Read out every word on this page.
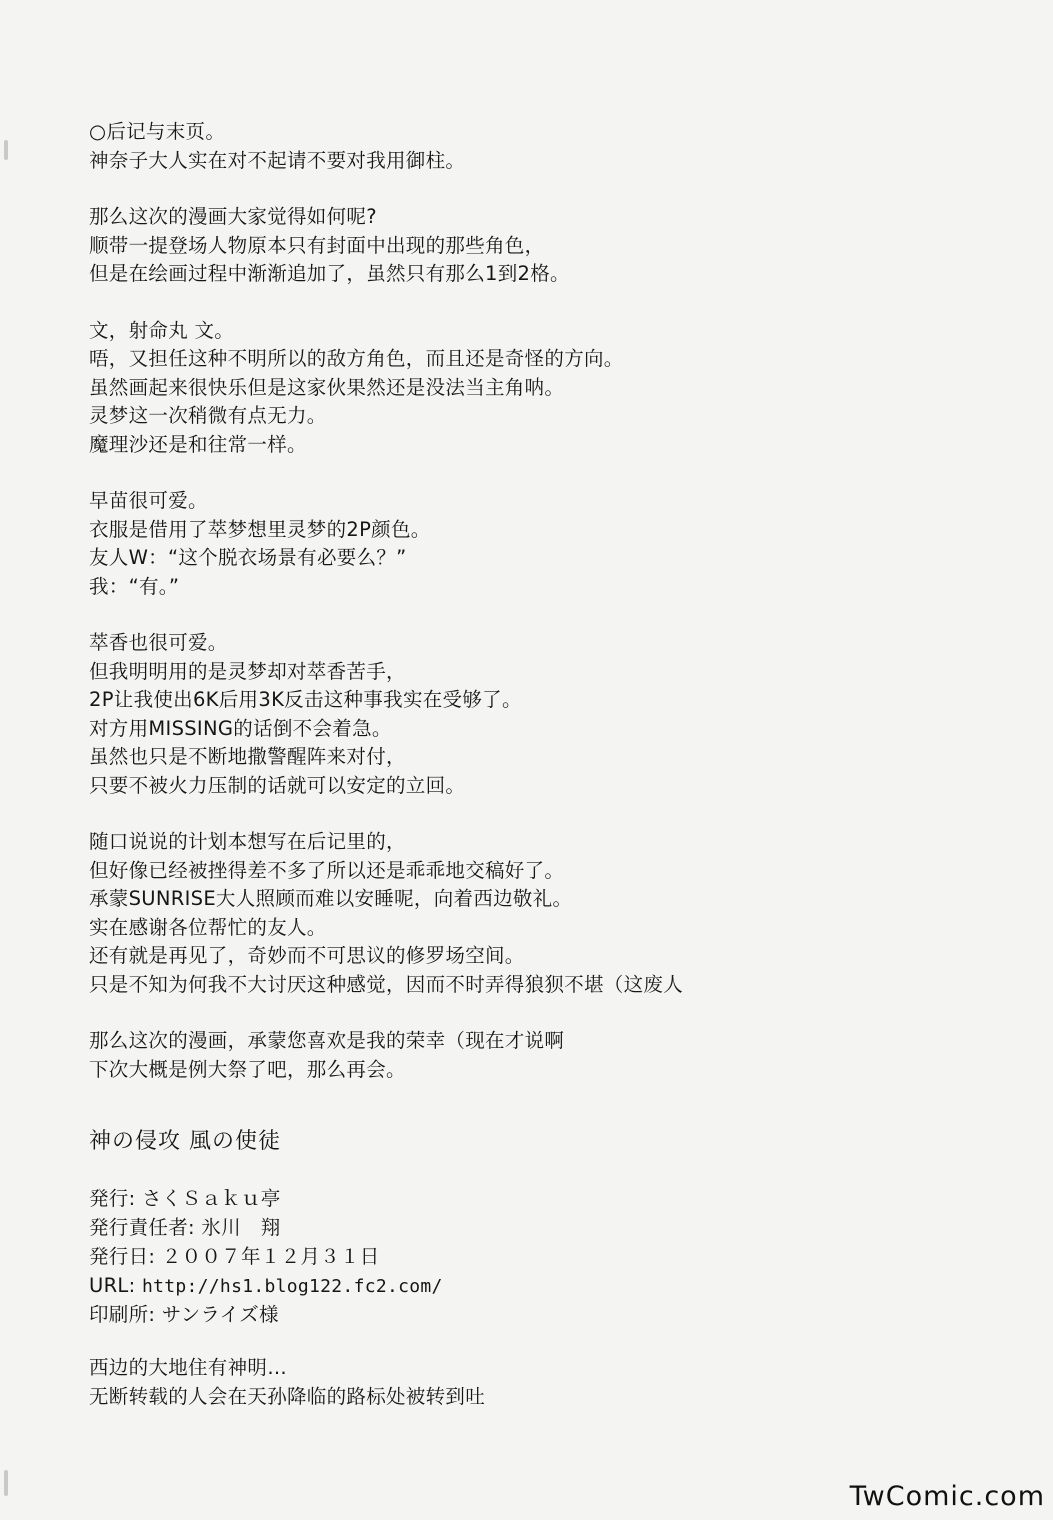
○后记与末页。
神奈子大人实在对不起请不要对我用御柱。
那么这次的漫画大家觉得如何呢?
顺带一提登场人物原本只有封面中出现的那些角色，
但是在绘画过程中渐渐追加了，虽然只有那么1到2格。
文，射命丸 文。
唔，又担任这种不明所以的敌方角色，而且还是奇怪的方向。
虽然画起来很快乐但是这家伙果然还是没法当主角呐。
灵梦这一次稍微有点无力。
魔理沙还是和往常一样。
早苗很可爱。
衣服是借用了萃梦想里灵梦的2P颜色。
友人W：“这个脱衣场景有必要么？”
我：“有。”
萃香也很可爱。
但我明明用的是灵梦却对萃香苦手，
2P让我使出6K后用3K反击这种事我实在受够了。
对方用MISSING的话倒不会着急。
虽然也只是不断地撒警醒阵来对付，
只要不被火力压制的话就可以安定的立回。
随口说说的计划本想写在后记里的，
但好像已经被挫得差不多了所以还是乖乖地交稿好了。
承蒙SUNRISE大人照顾而难以安睡呢，向着西边敬礼。
实在感谢各位帮忙的友人。
还有就是再见了，奇妙而不可思议的修罗场空间。
只是不知为何我不大讨厌这种感觉，因而不时弄得狼狈不堪（这废人
那么这次的漫画，承蒙您喜欢是我的荣幸（现在才说啊
下次大概是例大祭了吧，那么再会。
神の侵攻 風の使徒
発行: さくＳａｋｕ亭
発行責任者: 氷川　翔
発行日: ２００７年１２月３１日
URL: http://hs1.blog122.fc2.com/
印刷所: サンライズ様
西边的大地住有神明…
无断转载的人会在天孙降临的路标处被转到吐
TwComic.com
